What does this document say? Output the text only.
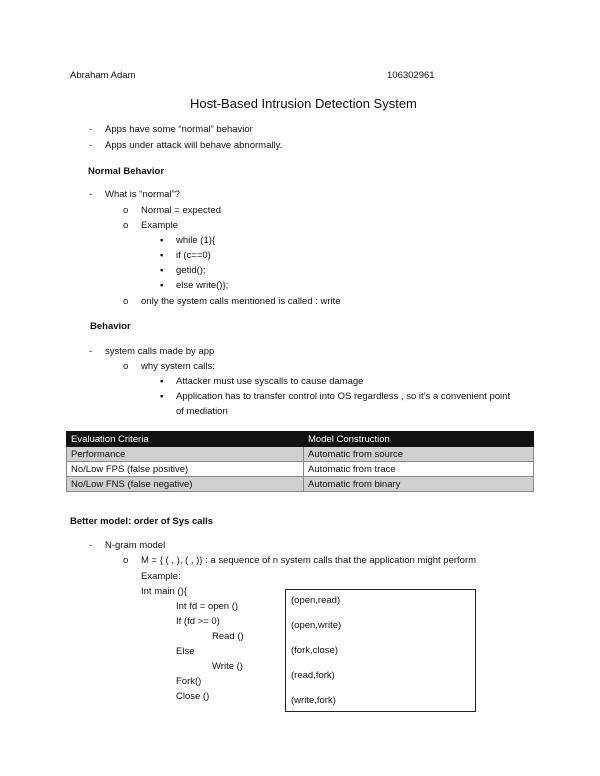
Abraham Adam	106302961
Host-Based Intrusion Detection System
- Apps have some “normal” behavior
- Apps under attack will behave abnormally.
Normal Behavior
- What is “normal”?
o Normal = expected
o Example
▪ while (1){
▪ if (c==0)
▪ getid();
▪ else write()};
o only the system calls mentioned is called : write
Behavior
- system calls made by app
o why system calls:
▪ Attacker must use syscalls to cause damage
▪ Application has to transfer control into OS regardless , so it’s a convenient point
of mediation
Evaluation Criteria	Model Construction
Performance	Automatic from source
No/Low FPS (false positive)	Automatic from trace
No/Low FNS (false negative)	Automatic from binary
Better model: order of Sys calls
- N-gram model
o M = { ( , ), ( , )} : a sequence of n system calls that the application might perform
Example:
Int main (){
Int fd = open ()
If (fd >= 0)
Read ()
Else
Write ()
Fork()
Close ()
(open,read)
(open,write)
(fork,close)
(read,fork)
(write,fork)
